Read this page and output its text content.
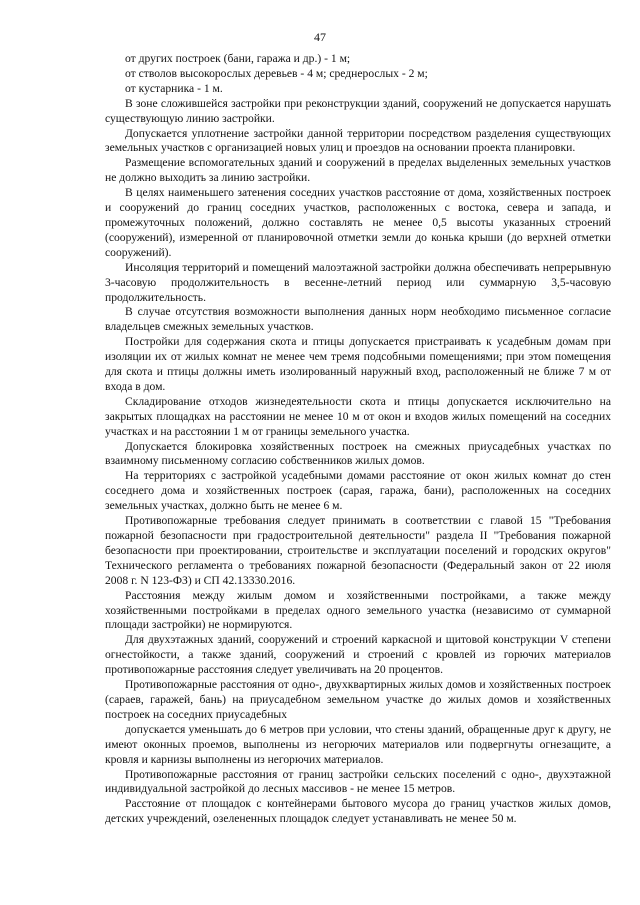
47

от других построек (бани, гаража и др.) - 1 м;

от стволов высокорослых деревьев - 4 м; среднерослых - 2 м;

от кустарника - 1 м.

В зоне сложившейся застройки при реконструкции зданий, сооружений не допускается нарушать существующую линию застройки.

Допускается уплотнение застройки данной территории посредством разделения существующих земельных участков с организацией новых улиц и проездов на основании проекта планировки.

Размещение вспомогательных зданий и сооружений в пределах выделенных земельных участков не должно выходить за линию застройки.

В целях наименьшего затенения соседних участков расстояние от дома, хозяйственных построек и сооружений до границ соседних участков, расположенных с востока, севера и запада, и промежуточных положений, должно составлять не менее 0,5 высоты указанных строений (сооружений), измеренной от планировочной отметки земли до конька крыши (до верхней отметки сооружений).

Инсоляция территорий и помещений малоэтажной застройки должна обеспечивать непрерывную 3-часовую продолжительность в весенне-летний период или суммарную 3,5-часовую продолжительность.

В случае отсутствия возможности выполнения данных норм необходимо письменное согласие владельцев смежных земельных участков.

Постройки для содержания скота и птицы допускается пристраивать к усадебным домам при изоляции их от жилых комнат не менее чем тремя подсобными помещениями; при этом помещения для скота и птицы должны иметь изолированный наружный вход, расположенный не ближе 7 м от входа в дом.

Складирование отходов жизнедеятельности скота и птицы допускается исключительно на закрытых площадках на расстоянии не менее 10 м от окон и входов жилых помещений на соседних участках и на расстоянии 1 м от границы земельного участка.

Допускается блокировка хозяйственных построек на смежных приусадебных участках по взаимному письменному согласию собственников жилых домов.

На территориях с застройкой усадебными домами расстояние от окон жилых комнат до стен соседнего дома и хозяйственных построек (сарая, гаража, бани), расположенных на соседних земельных участках, должно быть не менее 6 м.

Противопожарные требования следует принимать в соответствии с главой 15 "Требования пожарной безопасности при градостроительной деятельности" раздела II "Требования пожарной безопасности при проектировании, строительстве и эксплуатации поселений и городских округов" Технического регламента о требованиях пожарной безопасности (Федеральный закон от 22 июля 2008 г. N 123-ФЗ) и СП 42.13330.2016.

Расстояния между жилым домом и хозяйственными постройками, а также между хозяйственными постройками в пределах одного земельного участка (независимо от суммарной площади застройки) не нормируются.

Для двухэтажных зданий, сооружений и строений каркасной и щитовой конструкции V степени огнестойкости, а также зданий, сооружений и строений с кровлей из горючих материалов противопожарные расстояния следует увеличивать на 20 процентов.

Противопожарные расстояния от одно-, двухквартирных жилых домов и хозяйственных построек (сараев, гаражей, бань) на приусадебном земельном участке до жилых домов и хозяйственных построек на соседних приусадебных

допускается уменьшать до 6 метров при условии, что стены зданий, обращенные друг к другу, не имеют оконных проемов, выполнены из негорючих материалов или подвергнуты огнезащите, а кровля и карнизы выполнены из негорючих материалов.

Противопожарные расстояния от границ застройки сельских поселений с одно-, двухэтажной индивидуальной застройкой до лесных массивов - не менее 15 метров.

Расстояние от площадок с контейнерами бытового мусора до границ участков жилых домов, детских учреждений, озелененных площадок следует устанавливать не менее 50 м.
